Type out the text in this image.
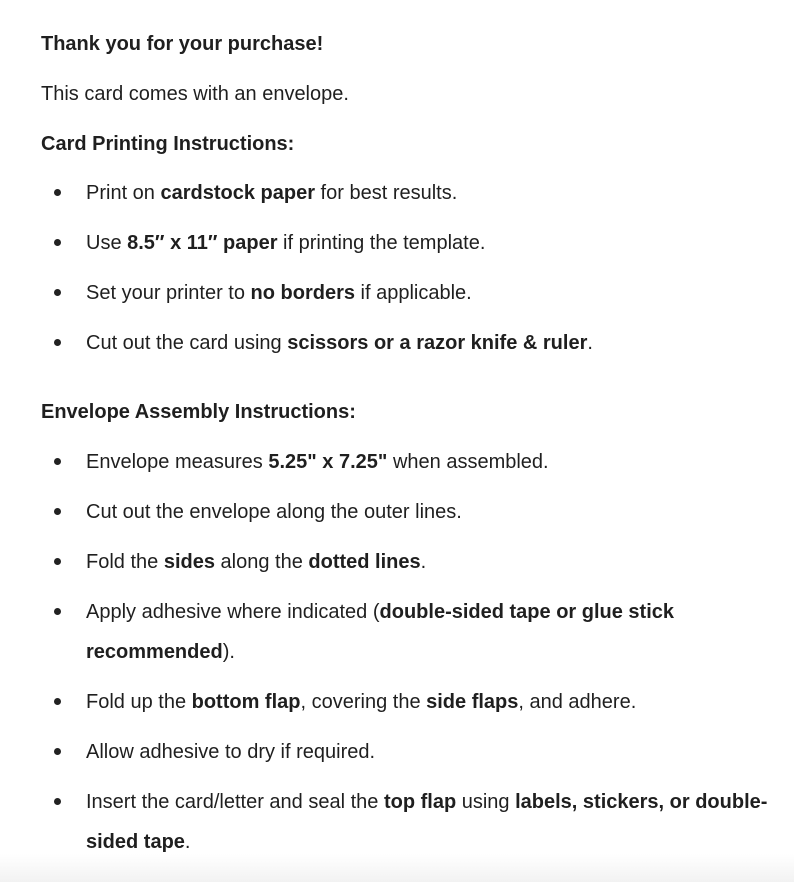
Thank you for your purchase!
This card comes with an envelope.
Card Printing Instructions:
Print on cardstock paper for best results.
Use 8.5″ x 11″ paper if printing the template.
Set your printer to no borders if applicable.
Cut out the card using scissors or a razor knife & ruler.
Envelope Assembly Instructions:
Envelope measures 5.25" x 7.25" when assembled.
Cut out the envelope along the outer lines.
Fold the sides along the dotted lines.
Apply adhesive where indicated (double-sided tape or glue stick recommended).
Fold up the bottom flap, covering the side flaps, and adhere.
Allow adhesive to dry if required.
Insert the card/letter and seal the top flap using labels, stickers, or double-sided tape.
